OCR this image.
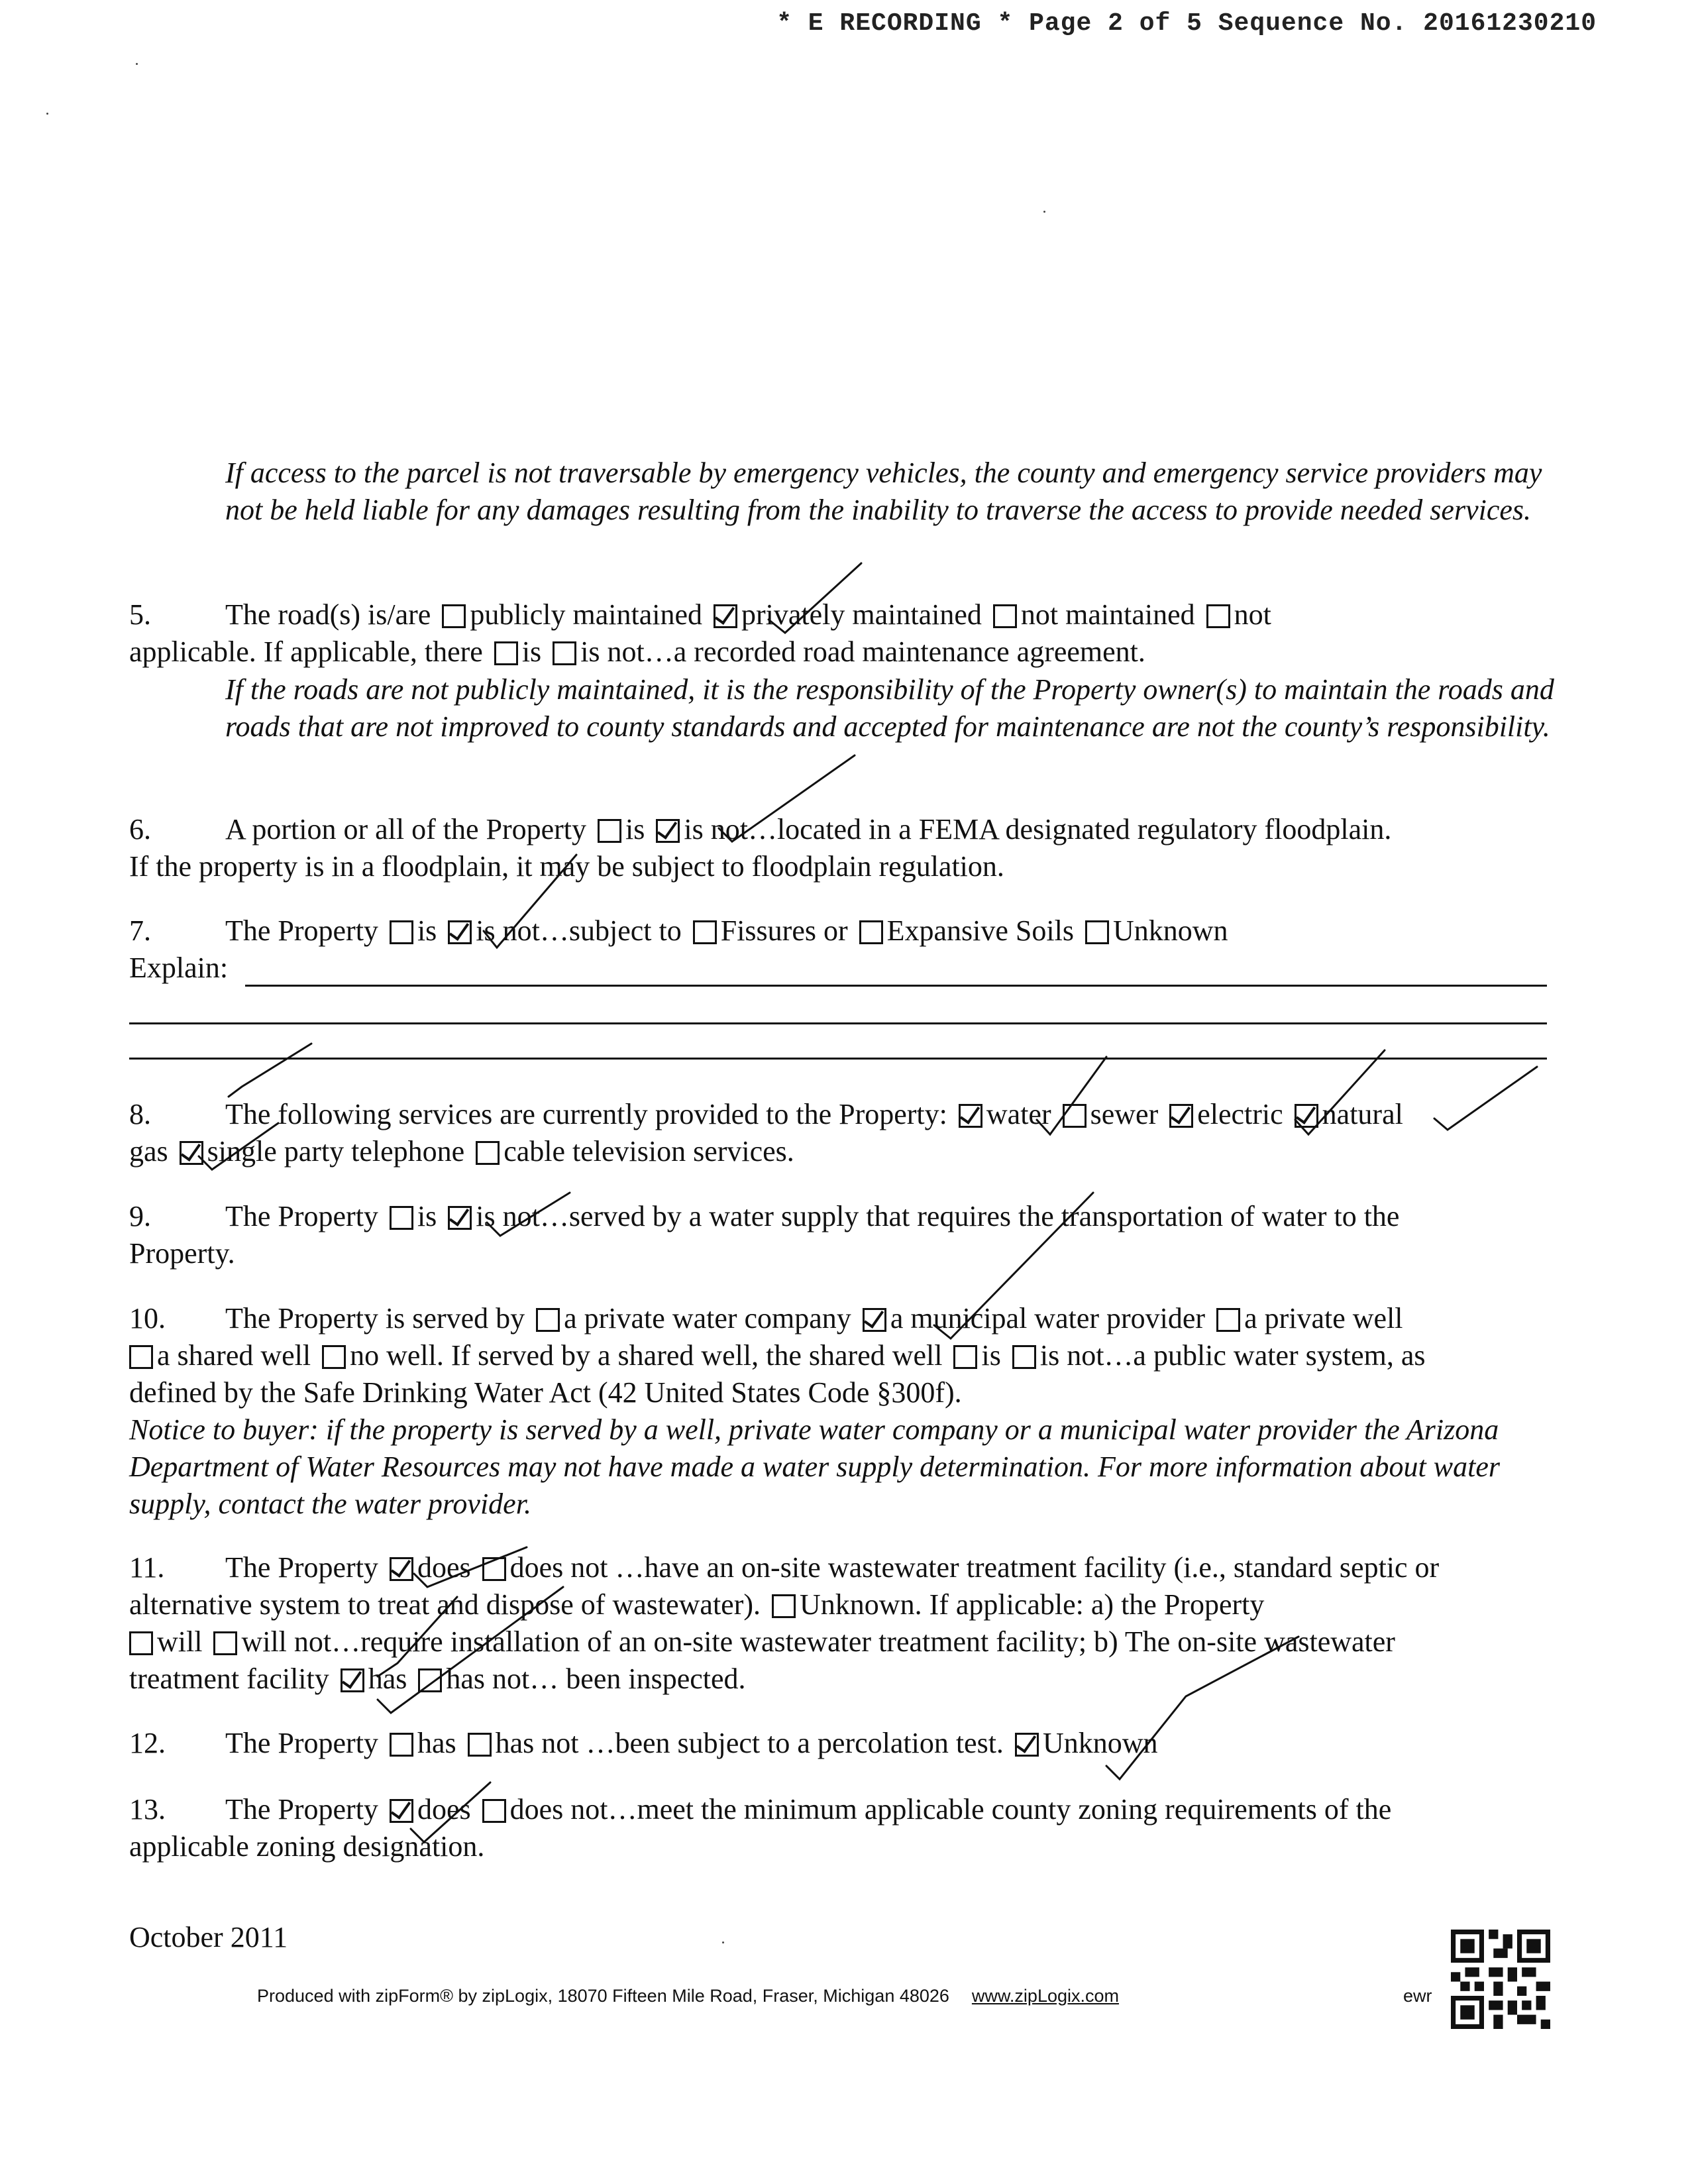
* E RECORDING * Page 2 of 5 Sequence No. 20161230210
If access to the parcel is not traversable by emergency vehicles, the county and emergency service providers may not be held liable for any damages resulting from the inability to traverse the access to provide needed services.
5.	The road(s) is/are publicly maintained privately maintained not maintained not
applicable. If applicable, there is is not…a recorded road maintenance agreement.
If the roads are not publicly maintained, it is the responsibility of the Property owner(s) to maintain the roads and roads that are not improved to county standards and accepted for maintenance are not the county’s responsibility.
6.	A portion or all of the Property is is not…located in a FEMA designated regulatory floodplain.
If the property is in a floodplain, it may be subject to floodplain regulation.
7.	The Property is is not…subject to Fissures or Expansive Soils Unknown
Explain:
8.	The following services are currently provided to the Property: water sewer electric natural
gas single party telephone cable television services.
9.	The Property is is not…served by a water supply that requires the transportation of water to the
Property.
10. The Property is served by a private water company a municipal water provider a private well
a shared well no well. If served by a shared well, the shared well is is not…a public water system, as
defined by the Safe Drinking Water Act (42 United States Code §300f).
Notice to buyer: if the property is served by a well, private water company or a municipal water provider the Arizona Department of Water Resources may not have made a water supply determination. For more information about water supply, contact the water provider.
11. The Property does does not …have an on-site wastewater treatment facility (i.e., standard septic or
alternative system to treat and dispose of wastewater). Unknown. If applicable: a) the Property
will will not…require installation of an on-site wastewater treatment facility; b) The on-site wastewater
treatment facility has has not… been inspected.
12. The Property has has not …been subject to a percolation test. Unknown
13. The Property does does not…meet the minimum applicable county zoning requirements of the
applicable zoning designation.
October 2011
Produced with zipForm® by zipLogix, 18070 Fifteen Mile Road, Fraser, Michigan 48026 www.zipLogix.com	ewr
